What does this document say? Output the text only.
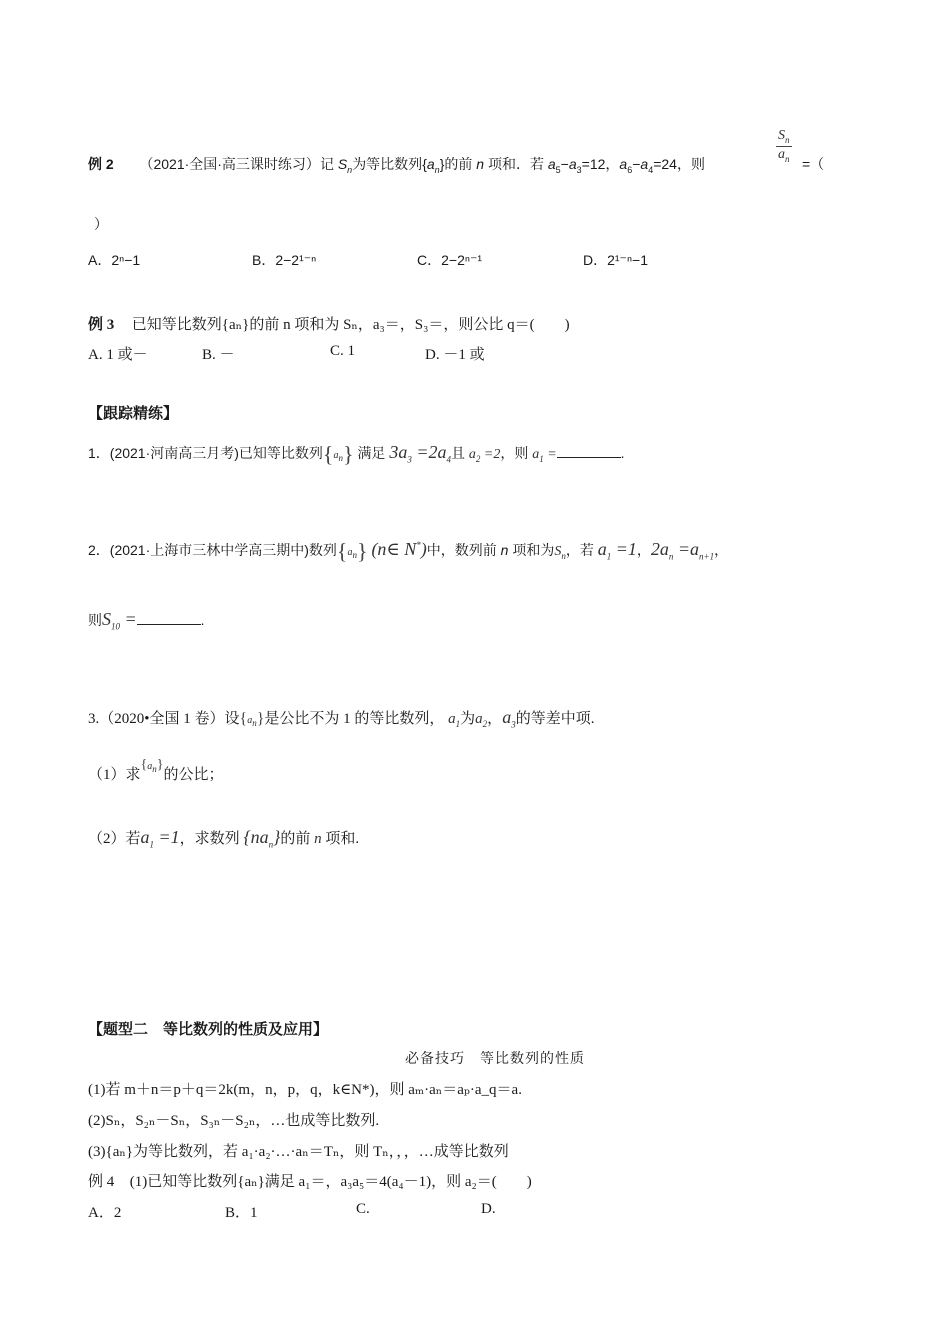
例 2 （2021·全国·高三课时练习）记 $S_n$为等比数列$\{a_n\}$的前 n 项和．若 $a_5-a_3=12$，$a_6-a_4=24$，则
$S_n$
$a_n$ =（
）
A．2ⁿ−1	B．2−2¹⁻ⁿ	C．2−2ⁿ⁻¹	D．2¹⁻ⁿ−1
例 3 已知等比数列{aₙ}的前 n 项和为 Sₙ，a₃＝，S₃＝，则公比 q＝(　　)
A. 1 或－	B. －	C. 1	D. －1 或
【跟踪精练】
1．(2021·河南高三月考)已知等比数列$\{a_n\}$ 满足 $3a_3 =2a_4$且 $a_2 =2$，则 $a_1$ =	.
2．(2021·上海市三林中学高三期中)数列$\{a_n\}$ (n∈ N*)中，数列前 n 项和为$S_n$，若 $a_1 =1$，$2a_n =a_{n+1}$，
则$S_{10}$ =	.
3.（2020•全国 1 卷）设$\{a_n\}$是公比不为 1 的等比数列， $a_1$为$a_2$，$a_3$的等差中项.
（1）求$\{a_n\}$的公比；
（2）若$a_1 =1$，求数列 $\{na_n\}$的前 n 项和.
【题型二　等比数列的性质及应用】
必备技巧　等比数列的性质
(1)若 m＋n＝p＋q＝2k(m，n，p，q，k∈N*)，则 aₘ·aₙ＝aₚ·a_q＝a.
(2)Sₙ，S₂ₙ－Sₙ，S₃ₙ－S₂ₙ，…也成等比数列.
(3){aₙ}为等比数列，若 a₁·a₂·…·aₙ＝Tₙ，则 Tₙ，，，…成等比数列
例 4 (1)已知等比数列{aₙ}满足 a₁＝，a₃a₅＝4(a₄－1)，则 a₂＝(　　)
A．2	B．1	C.	D.
